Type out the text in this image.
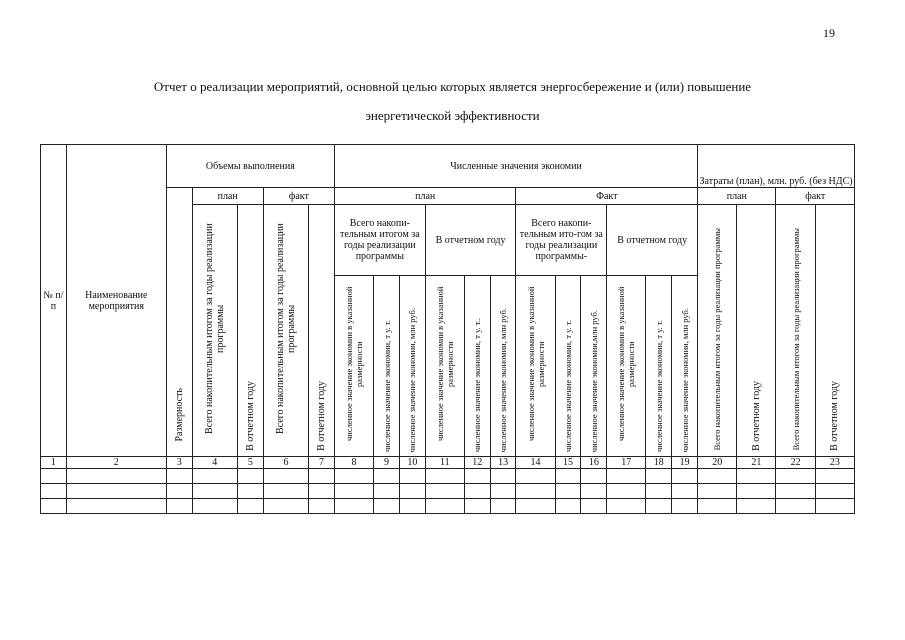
19
Отчет о реализации мероприятий, основной целью которых является энергосбережение и (или) повышение
энергетической эффективности
№ п/ п	Наименование мероприятия	Объемы выполнения					Численные значения экономии												Затраты (план), млн. руб. (без НДС)			

		Размерность	план		факт		план						Факт						план		факт	

			Всего накопительным итогом за годы реализации программы	В отчетном году	Всего накопительным итогом за годы реализации программы	В отчетном году	Всего накопи-тельным итогом за годы реализации программы			В отчетном году			Всего накопи-тельным ито-гом за годы реализации программы-			В отчетном году			Всего накопительным итогом за годы реализации программы	В отчетном году	Всего накопительным итогом за годы реализации программы	В отчетном году

							численное значение экономии в указанной размерности	численное значение экономии, т у. т.	численное значение экономии, млн руб.	численное значение экономии в указанной размерности	численное значение экономии, т у. т..	численное значение экономии, млн руб.	численное значение экономии в указанной размерности	численное значение экономии, т у. т.	численное значение экономии,млн руб.	численное значение экономии в указанной размерности	численное значение экономии, т у. т.	численное значение экономии, млн руб.				

1	2	3	4	5	6	7	8	9	10	11	12	13	14	15	16	17	18	19	20	21	22	23
